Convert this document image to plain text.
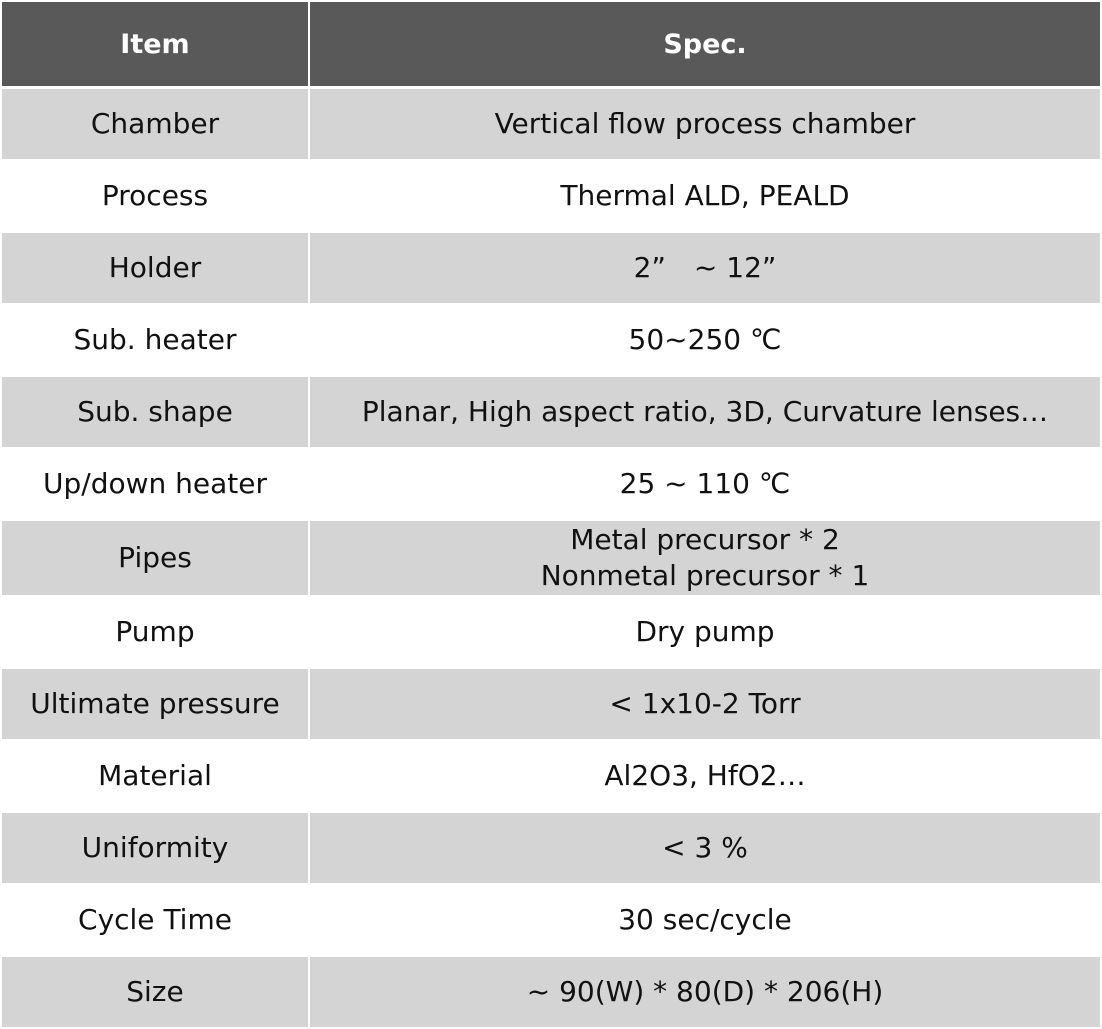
Item	Spec.
Chamber	Vertical flow process chamber

Process	Thermal ALD, PEALD

Holder	2” ~ 12”

Sub. heater	50~250 ℃

Sub. shape	Planar, High aspect ratio, 3D, Curvature lenses…

Up/down heater	25 ~ 110 ℃

Pipes	Metal precursor * 2
Nonmetal precursor * 1

Pump	Dry pump

Ultimate pressure	< 1x10-2 Torr

Material	Al2O3, HfO2…

Uniformity	< 3 %

Cycle Time	30 sec/cycle

Size	~ 90(W) * 80(D) * 206(H)
